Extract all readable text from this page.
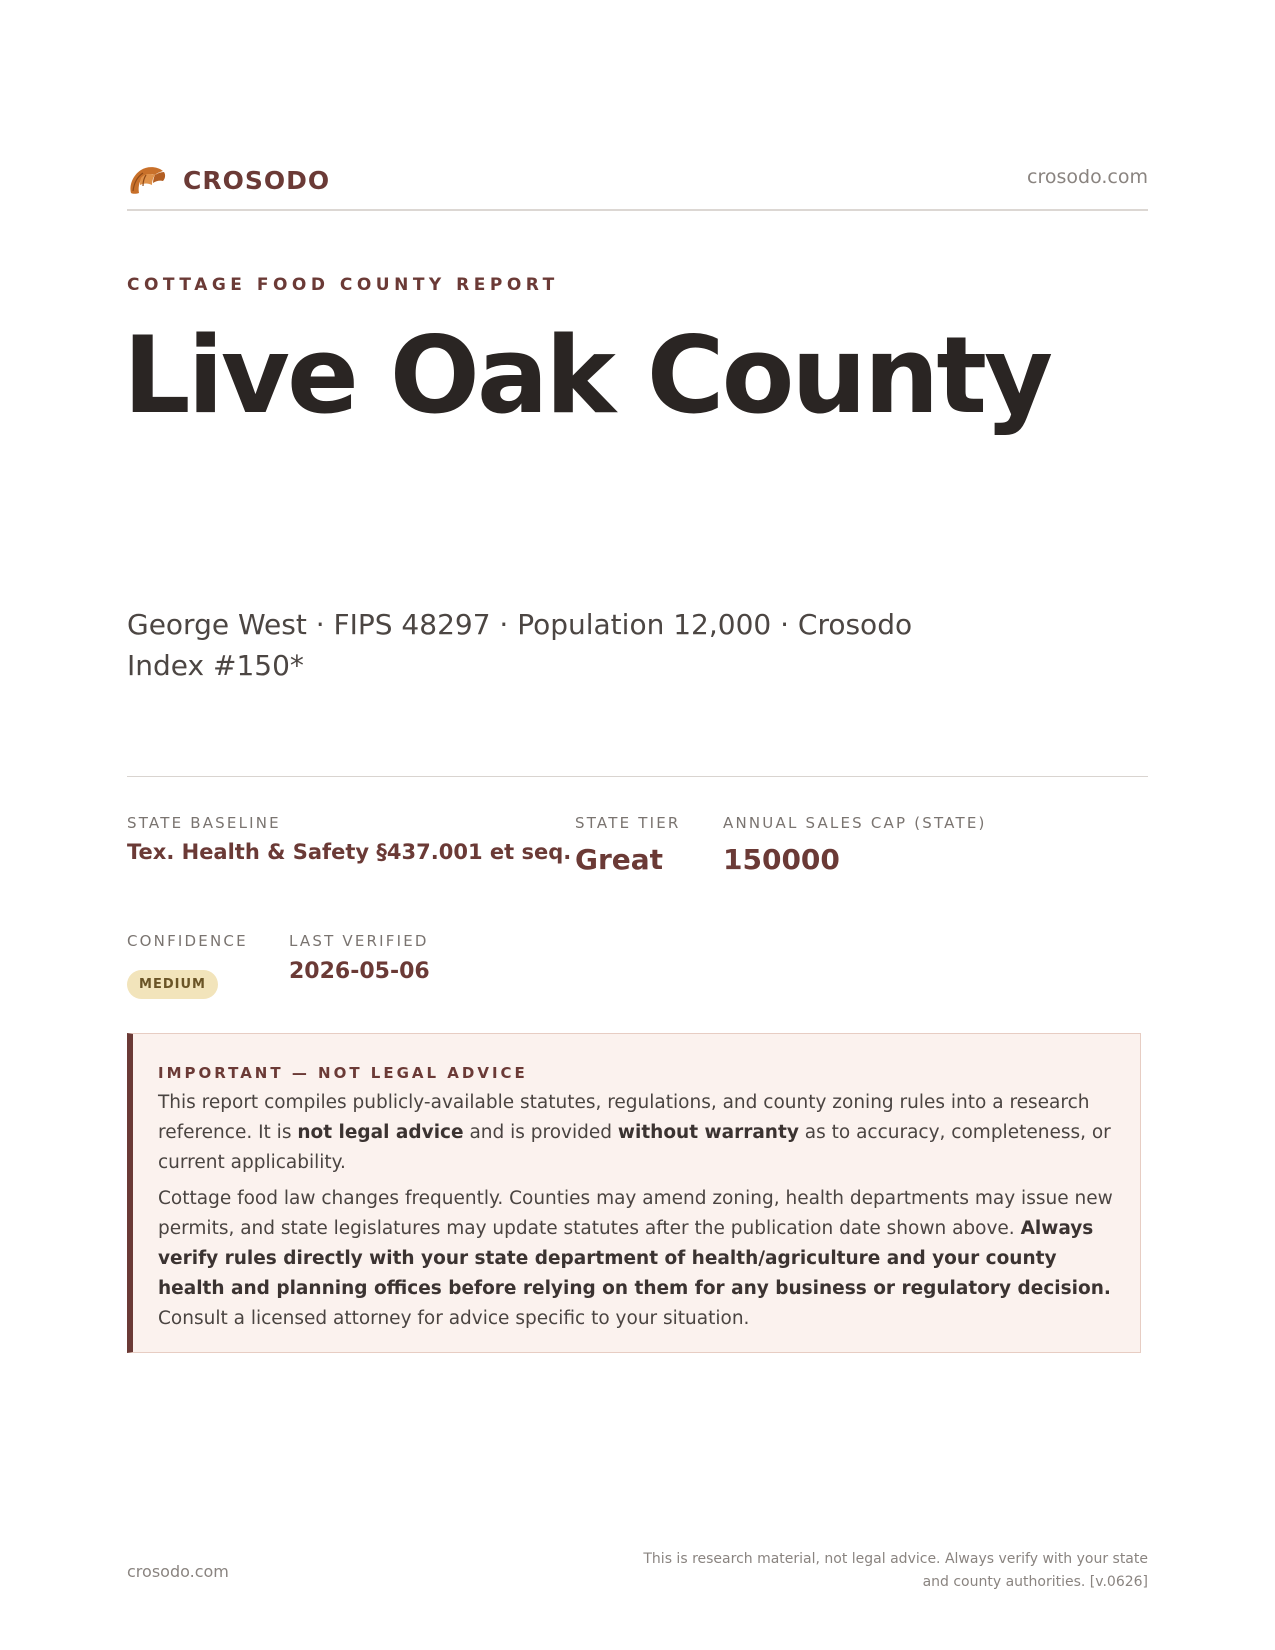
CROSODO	crosodo.com
COTTAGE FOOD COUNTY REPORT
Live Oak County
George West · FIPS 48297 · Population 12,000 · Crosodo Index #150*
STATE BASELINE
Tex. Health & Safety §437.001 et seq.
STATE TIER
Great
ANNUAL SALES CAP (STATE)
150000
CONFIDENCE
MEDIUM
LAST VERIFIED
2026-05-06
IMPORTANT — NOT LEGAL ADVICE

This report compiles publicly-available statutes, regulations, and county zoning rules into a research reference. It is not legal advice and is provided without warranty as to accuracy, completeness, or current applicability.

Cottage food law changes frequently. Counties may amend zoning, health departments may issue new permits, and state legislatures may update statutes after the publication date shown above. Always verify rules directly with your state department of health/agriculture and your county health and planning offices before relying on them for any business or regulatory decision. Consult a licensed attorney for advice specific to your situation.

crosodo.com
This is research material, not legal advice. Always verify with your state
and county authorities. [v.0626]
